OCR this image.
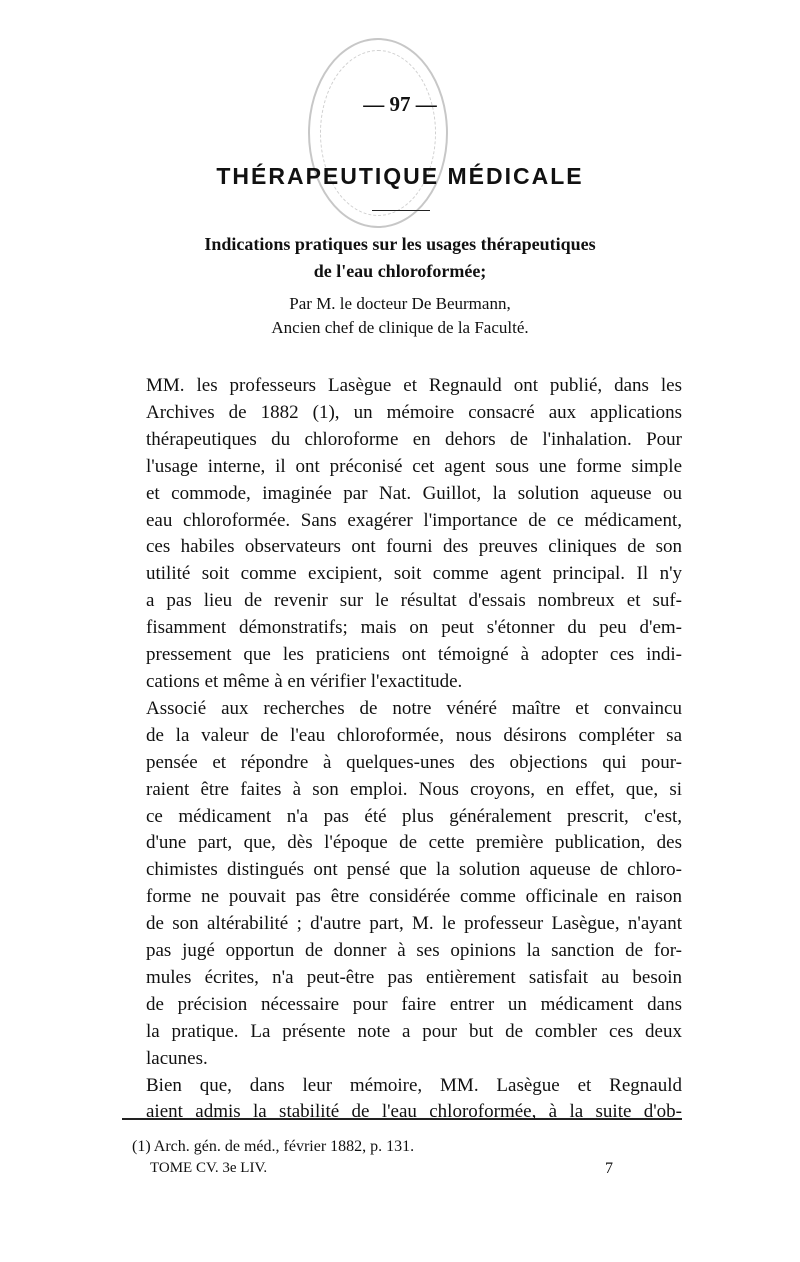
— 97 —
THÉRAPEUTIQUE MÉDICALE
Indications pratiques sur les usages thérapeutiques
de l'eau chloroformée;
Par M. le docteur De Beurmann,
Ancien chef de clinique de la Faculté.

MM. les professeurs Lasègue et Regnauld ont publié, dans les
Archives de 1882 (1), un mémoire consacré aux applications
thérapeutiques du chloroforme en dehors de l'inhalation. Pour
l'usage interne, il ont préconisé cet agent sous une forme simple
et commode, imaginée par Nat. Guillot, la solution aqueuse ou
eau chloroformée. Sans exagérer l'importance de ce médicament,
ces habiles observateurs ont fourni des preuves cliniques de son
utilité soit comme excipient, soit comme agent principal. Il n'y
a pas lieu de revenir sur le résultat d'essais nombreux et suf-
fisamment démonstratifs; mais on peut s'étonner du peu d'em-
pressement que les praticiens ont témoigné à adopter ces indi-
cations et même à en vérifier l'exactitude.

Associé aux recherches de notre vénéré maître et convaincu
de la valeur de l'eau chloroformée, nous désirons compléter sa
pensée et répondre à quelques-unes des objections qui pour-
raient être faites à son emploi. Nous croyons, en effet, que, si
ce médicament n'a pas été plus généralement prescrit, c'est,
d'une part, que, dès l'époque de cette première publication, des
chimistes distingués ont pensé que la solution aqueuse de chloro-
forme ne pouvait pas être considérée comme officinale en raison
de son altérabilité ; d'autre part, M. le professeur Lasègue, n'ayant
pas jugé opportun de donner à ses opinions la sanction de for-
mules écrites, n'a peut-être pas entièrement satisfait au besoin
de précision nécessaire pour faire entrer un médicament dans
la pratique. La présente note a pour but de combler ces deux
lacunes.

Bien que, dans leur mémoire, MM. Lasègue et Regnauld
aient admis la stabilité de l'eau chloroformée, à la suite d'ob-

(1) Arch. gén. de méd., février 1882, p. 131.
TOME CV. 3e LIV.	7
